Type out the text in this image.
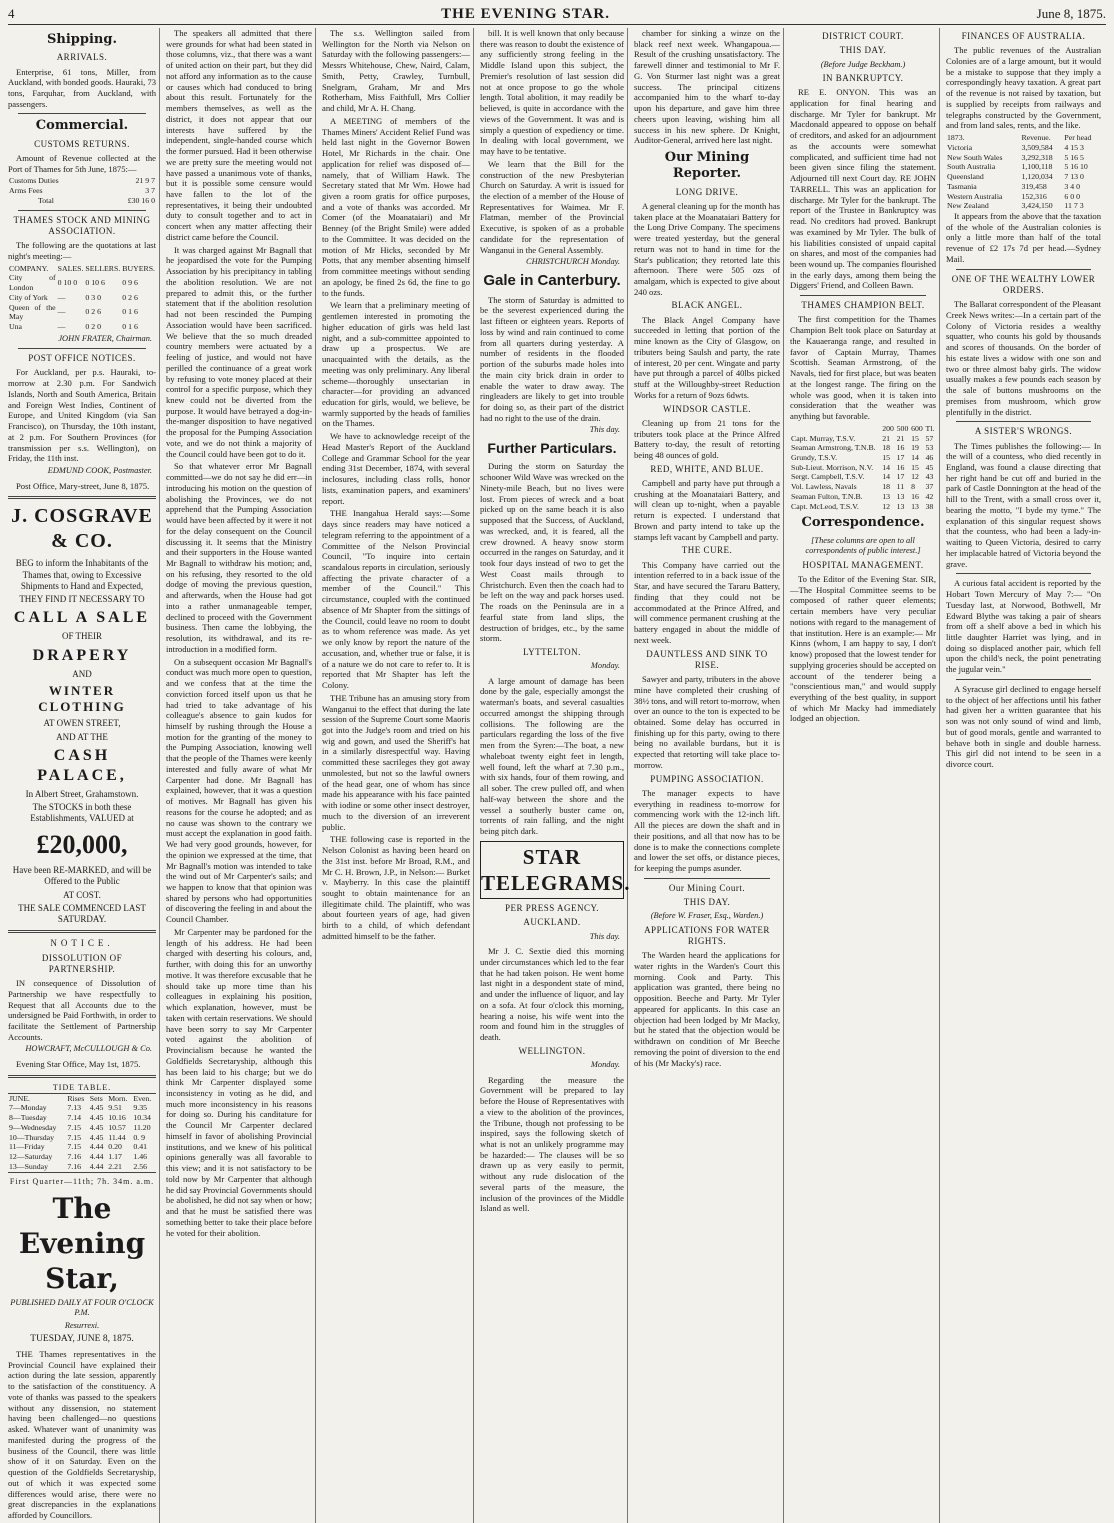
4	THE EVENING STAR.	June 8, 1875.
Shipping.
ARRIVALS.

Enterprise, 61 tons, Miller, from Auckland, with bonded goods. Hauraki, 73 tons, Farquhar, from Auckland, with passengers.

Commercial.
CUSTOMS RETURNS.

Amount of Revenue collected at the Port of Thames for 5th June, 1875:—

Customs Duties	21 9 7
Arms Fees	3 7
Total	£30 16 0
THAMES STOCK AND MINING ASSOCIATION.

The following are the quotations at last night's meeting:—

COMPANY.	SALES.	SELLERS.	BUYERS.
City of London	0 10 0	0 10 6	0 9 6
City of York	—	0 3 0	0 2 6
Queen of the May	—	0 2 6	0 1 6
Una	—	0 2 0	0 1 6
JOHN FRATER, Chairman.
POST OFFICE NOTICES.

For Auckland, per p.s. Hauraki, to-morrow at 2.30 p.m. For Sandwich Islands, North and South America, Britain and Foreign West Indies, Continent of Europe, and United Kingdom (via San Francisco), on Thursday, the 10th instant, at 2 p.m. For Southern Provinces (for transmission per s.s. Wellington), on Friday, the 11th inst.

EDMUND COOK, Postmaster.

Post Office, Mary-street, June 8, 1875.

J. COSGRAVE & CO.

BEG to inform the Inhabitants of the Thames that, owing to Excessive Shipments to Hand and Expected,

THEY FIND IT NECESSARY TO

CALL A SALE

OF THEIR

DRAPERY

AND

WINTER CLOTHING

AT OWEN STREET,

AND AT THE

CASH PALACE,

In Albert Street, Grahamstown.

The STOCKS in both these Establishments, VALUED at

£20,000,

Have been RE-MARKED, and will be Offered to the Public

AT COST.

THE SALE COMMENCED LAST SATURDAY.

NOTICE.
DISSOLUTION OF PARTNERSHIP.

IN consequence of Dissolution of Partnership we have respectfully to Request that all Accounts due to the undersigned be Paid Forthwith, in order to facilitate the Settlement of Partnership Accounts.

HOWCRAFT, McCULLOUGH & Co.

Evening Star Office, May 1st, 1875.

TIDE TABLE.
JUNE.	Rises	Sets	Morn.	Even.
7—Monday	7.13	4.45	9.51	9.35
8—Tuesday	7.14	4.45	10.16	10.34
9—Wednesday	7.15	4.45	10.57	11.20
10—Thursday	7.15	4.45	11.44	0. 9
11—Friday	7.15	4.44	0.20	0.41
12—Saturday	7.16	4.44	1.17	1.46
13—Sunday	7.16	4.44	2.21	2.56
First Quarter—11th; 7h. 34m. a.m.
The Evening Star,
PUBLISHED DAILY AT FOUR O'CLOCK P.M.
Resurrexi.
TUESDAY, JUNE 8, 1875.

THE Thames representatives in the Provincial Council have explained their action during the late session, apparently to the satisfaction of the constituency. A vote of thanks was passed to the speakers without any dissension, no statement having been challenged—no questions asked. Whatever want of unanimity was manifested during the progress of the business of the Council, there was little show of it on Saturday. Even on the question of the Goldfields Secretaryship, out of which it was expected some differences would arise, there were no great discrepancies in the explanations afforded by Councillors.

The speakers all admitted that there were grounds for what had been stated in those columns, viz., that there was a want of united action on their part, but they did not afford any information as to the cause or causes which had conduced to bring about this result. Fortunately for the members themselves, as well as the district, it does not appear that our interests have suffered by the independent, single-handed course which the former pursued. Had it been otherwise we are pretty sure the meeting would not have passed a unanimous vote of thanks, but it is possible some censure would have fallen to the lot of the representatives, it being their undoubted duty to consult together and to act in concert when any matter affecting their district came before the Council.

It was charged against Mr Bagnall that he jeopardised the vote for the Pumping Association by his precipitancy in tabling the abolition resolution. We are not prepared to admit this, or the further statement that if the abolition resolution had not been rescinded the Pumping Association would have been sacrificed. We believe that the so much dreaded country members were actuated by a feeling of justice, and would not have perilled the continuance of a great work by refusing to vote money placed at their control for a specific purpose, which they knew could not be diverted from the purpose. It would have betrayed a dog-in-the-manger disposition to have negatived the proposal for the Pumping Association vote, and we do not think a majority of the Council could have been got to do it.

So that whatever error Mr Bagnall committed—we do not say he did err—in introducing his motion on the question of abolishing the Provinces, we do not apprehend that the Pumping Association would have been affected by it were it not for the delay consequent on the Council discussing it. It seems that the Ministry and their supporters in the House wanted Mr Bagnall to withdraw his motion; and, on his refusing, they resorted to the old dodge of moving the previous question, and afterwards, when the House had got into a rather unmanageable temper, declined to proceed with the Government business. Then came the lobbying, the resolution, its withdrawal, and its re-introduction in a modified form.

On a subsequent occasion Mr Bagnall's conduct was much more open to question, and we confess that at the time the conviction forced itself upon us that he had tried to take advantage of his colleague's absence to gain kudos for himself by rushing through the House a motion for the granting of the money to the Pumping Association, knowing well that the people of the Thames were keenly interested and fully aware of what Mr Carpenter had done. Mr Bagnall has explained, however, that it was a question of motives. Mr Bagnall has given his reasons for the course he adopted; and as no cause was shown to the contrary we must accept the explanation in good faith. We had very good grounds, however, for the opinion we expressed at the time, that Mr Bagnall's motion was intended to take the wind out of Mr Carpenter's sails; and we happen to know that that opinion was shared by persons who had opportunities of discovering the feeling in and about the Council Chamber.

Mr Carpenter may be pardoned for the length of his address. He had been charged with deserting his colours, and, further, with doing this for an unworthy motive. It was therefore excusable that he should take up more time than his colleagues in explaining his position, which explanation, however, must be taken with certain reservations. We should have been sorry to say Mr Carpenter voted against the abolition of Provincialism because he wanted the Goldfields Secretaryship, although this has been laid to his charge; but we do think Mr Carpenter displayed some inconsistency in voting as he did, and much more inconsistency in his reasons for doing so. During his canditature for the Council Mr Carpenter declared himself in favor of abolishing Provincial institutions, and we knew of his political opinions generally was all favorable to this view; and it is not satisfactory to be told now by Mr Carpenter that although he did say Provincial Governments should be abolished, he did not say when or how; and that he must be satisfied there was something better to take their place before he voted for their abolition.

The s.s. Wellington sailed from Wellington for the North via Nelson on Saturday with the following passengers:— Messrs Whitehouse, Chew, Naird, Calam, Smith, Petty, Crawley, Turnbull, Snelgram, Graham, Mr and Mrs Rotherham, Miss Faithfull, Mrs Collier and child, Mr A. H. Chang.

A MEETING of members of the Thames Miners' Accident Relief Fund was held last night in the Governor Bowen Hotel, Mr Richards in the chair. One application for relief was disposed of—namely, that of William Hawk. The Secretary stated that Mr Wm. Howe had given a room gratis for office purposes, and a vote of thanks was accorded. Mr Comer (of the Moanataiari) and Mr Benney (of the Bright Smile) were added to the Committee. It was decided on the motion of Mr Hicks, seconded by Mr Potts, that any member absenting himself from committee meetings without sending an apology, be fined 2s 6d, the fine to go to the funds.

We learn that a preliminary meeting of gentlemen interested in promoting the higher education of girls was held last night, and a sub-committee appointed to draw up a prospectus. We are unacquainted with the details, as the meeting was only preliminary. Any liberal scheme—thoroughly unsectarian in character—for providing an advanced education for girls, would, we believe, be warmly supported by the heads of families on the Thames.

We have to acknowledge receipt of the Head Master's Report of the Auckland College and Grammar School for the year ending 31st December, 1874, with several inclosures, including class rolls, honor lists, examination papers, and examiners' report.

THE Inangahua Herald says:—Some days since readers may have noticed a telegram referring to the appointment of a Committee of the Nelson Provincial Council, "To inquire into certain scandalous reports in circulation, seriously affecting the private character of a member of the Council." This circumstance, coupled with the continued absence of Mr Shapter from the sittings of the Council, could leave no room to doubt as to whom reference was made. As yet we only know by report the nature of the accusation, and, whether true or false, it is of a nature we do not care to refer to. It is reported that Mr Shapter has left the Colony.

THE Tribune has an amusing story from Wanganui to the effect that during the late session of the Supreme Court some Maoris got into the Judge's room and tried on his wig and gown, and used the Sheriff's hat in a similarly disrespectful way. Having committed these sacrileges they got away unmolested, but not so the lawful owners of the head gear, one of whom has since made his appearance with his face painted with iodine or some other insect destroyer, much to the diversion of an irreverent public.

THE following case is reported in the Nelson Colonist as having been heard on the 31st inst. before Mr Broad, R.M., and Mr C. H. Brown, J.P., in Nelson:— Burket v. Mayberry. In this case the plaintiff sought to obtain maintenance for an illegitimate child. The plaintiff, who was about fourteen years of age, had given birth to a child, of which defendant admitted himself to be the father.

bill. It is well known that only because there was reason to doubt the existence of any sufficiently strong feeling in the Middle Island upon this subject, the Premier's resolution of last session did not at once propose to go the whole length. Total abolition, it may readily be believed, is quite in accordance with the views of the Government. It was and is simply a question of expediency or time. In dealing with local government, we may have to be tentative.

We learn that the Bill for the construction of the new Presbyterian Church on Saturday. A writ is issued for the election of a member of the House of Representatives for Waimea. Mr F. Flatman, member of the Provincial Executive, is spoken of as a probable candidate for the representation of Wanganui in the General Assembly.

CHRISTCHURCH Monday.
Gale in Canterbury.

The storm of Saturday is admitted to be the severest experienced during the last fifteen or eighteen years. Reports of loss by wind and rain continued to come from all quarters during yesterday. A number of residents in the flooded portion of the suburbs made holes into the main city brick drain in order to enable the water to draw away. The ringleaders are likely to get into trouble for doing so, as their part of the district had no right to the use of the drain.

This day.
Further Particulars.

During the storm on Saturday the schooner Wild Wave was wrecked on the Ninety-mile Beach, but no lives were lost. From pieces of wreck and a boat picked up on the same beach it is also supposed that the Success, of Auckland, was wrecked, and, it is feared, all the crew drowned. A heavy snow storm occurred in the ranges on Saturday, and it took four days instead of two to get the West Coast mails through to Christchurch. Even then the coach had to be left on the way and pack horses used. The roads on the Peninsula are in a fearful state from land slips, the destruction of bridges, etc., by the same storm.

LYTTELTON.
Monday.

A large amount of damage has been done by the gale, especially amongst the waterman's boats, and several casualties occurred amongst the shipping through collisions. The following are the particulars regarding the loss of the five men from the Syren:—The boat, a new whaleboat twenty eight feet in length, well found, left the wharf at 7.30 p.m., with six hands, four of them rowing, and all sober. The crew pulled off, and when half-way between the shore and the vessel a southerly buster came on, torrents of rain falling, and the night being pitch dark.

STAR TELEGRAMS.
PER PRESS AGENCY.
AUCKLAND.
This day.

Mr J. C. Sextie died this morning under circumstances which led to the fear that he had taken poison. He went home last night in a despondent state of mind, and under the influence of liquor, and lay on a sofa. At four o'clock this morning, hearing a noise, his wife went into the room and found him in the struggles of death.

WELLINGTON.
Monday.

Regarding the measure the Government will be prepared to lay before the House of Representatives with a view to the abolition of the provinces, the Tribune, though not professing to be inspired, says the following sketch of what is not an unlikely programme may be hazarded:— The clauses will be so drawn up as very easily to permit, without any rude dislocation of the several parts of the measure, the inclusion of the provinces of the Middle Island as well.

chamber for sinking a winze on the black reef next week. Whangapoua.—Result of the crushing unsatisfactory. The farewell dinner and testimonial to Mr F. G. Von Sturmer last night was a great success. The principal citizens accompanied him to the wharf to-day upon his departure, and gave him three cheers upon leaving, wishing him all success in his new sphere. Dr Knight, Auditor-General, arrived here last night.

Our Mining Reporter.
LONG DRIVE.

A general cleaning up for the month has taken place at the Moanataiari Battery for the Long Drive Company. The specimens were treated yesterday, but the general return was not to hand in time for the Star's publication; they retorted late this afternoon. There were 505 ozs of amalgam, which is expected to give about 240 ozs.

BLACK ANGEL.

The Black Angel Company have succeeded in letting that portion of the mine known as the City of Glasgow, on tributers being Saulsh and party, the rate of interest, 20 per cent. Wingate and party have put through a parcel of 40lbs picked stuff at the Willoughby-street Reduction Works for a return of 9ozs 6dwts.

WINDSOR CASTLE.

Cleaning up from 21 tons for the tributers took place at the Prince Alfred Battery to-day, the result of retorting being 48 ounces of gold.

RED, WHITE, AND BLUE.

Campbell and party have put through a crushing at the Moanataiari Battery, and will clean up to-night, when a payable return is expected. I understand that Brown and party intend to take up the stamps left vacant by Campbell and party.

THE CURE.

This Company have carried out the intention referred to in a back issue of the Star, and have secured the Tararu Battery, finding that they could not be accommodated at the Prince Alfred, and will commence permanent crushing at the battery engaged in about the middle of next week.

DAUNTLESS AND SINK TO RISE.

Sawyer and party, tributers in the above mine have completed their crushing of 38½ tons, and will retort to-morrow, when over an ounce to the ton is expected to be obtained. Some delay has occurred in finishing up for this party, owing to there being no available burdans, but it is expected that retorting will take place to-morrow.

PUMPING ASSOCIATION.

The manager expects to have everything in readiness to-morrow for commencing work with the 12-inch lift. All the pieces are down the shaft and in their positions, and all that now has to be done is to make the connections complete and lower the set offs, or distance pieces, for keeping the pumps asunder.

Our Mining Court.
THIS DAY.
(Before W. Fraser, Esq., Warden.)
APPLICATIONS FOR WATER RIGHTS.

The Warden heard the applications for water rights in the Warden's Court this morning. Cook and Party. This application was granted, there being no opposition. Beeche and Party. Mr Tyler appeared for applicants. In this case an objection had been lodged by Mr Macky, but he stated that the objection would be withdrawn on condition of Mr Beeche removing the point of diversion to the end of his (Mr Macky's) race.

DISTRICT COURT.
THIS DAY.
(Before Judge Beckham.)
IN BANKRUPTCY.

RE E. ONYON. This was an application for final hearing and discharge. Mr Tyler for bankrupt. Mr Macdonald appeared to oppose on behalf of creditors, and asked for an adjournment as the accounts were somewhat complicated, and sufficient time had not been given since filing the statement. Adjourned till next Court day. RE JOHN TARRELL. This was an application for discharge. Mr Tyler for the bankrupt. The report of the Trustee in Bankruptcy was read. No creditors had proved. Bankrupt was examined by Mr Tyler. The bulk of his liabilities consisted of unpaid capital on shares, and most of the companies had been wound up. The companies flourished in the early days, among them being the Diggers' Friend, and Colleen Bawn.

THAMES CHAMPION BELT.

The first competition for the Thames Champion Belt took place on Saturday at the Kauaeranga range, and resulted in favor of Captain Murray, Thames Scottish. Seaman Armstrong, of the Navals, tied for first place, but was beaten at the longest range. The firing on the whole was good, when it is taken into consideration that the weather was anything but favorable.

	200	500	600	Tl.
Capt. Murray, T.S.V.	21	21	15	57
Seaman Armstrong, T.N.B.	18	16	19	53
Grundy, T.S.V.	15	17	14	46
Sub-Lieut. Morrison, N.V.	14	16	15	45
Sergt. Campbell, T.S.V.	14	17	12	43
Vol. Lawless, Navals	18	11	8	37
Seaman Fulton, T.N.B.	13	13	16	42
Capt. McLeod, T.S.V.	12	13	13	38
Correspondence.
[These columns are open to all correspondents of public interest.]
HOSPITAL MANAGEMENT.

To the Editor of the Evening Star. SIR,—The Hospital Committee seems to be composed of rather queer elements; certain members have very peculiar notions with regard to the management of that institution. Here is an example:— Mr Kinns (whom, I am happy to say, I don't know) proposed that the lowest tender for supplying groceries should be accepted on account of the tenderer being a "conscientious man," and would supply everything of the best quality, in support of which Mr Macky had immediately lodged an objection.

FINANCES OF AUSTRALIA.

The public revenues of the Australian Colonies are of a large amount, but it would be a mistake to suppose that they imply a correspondingly heavy taxation. A great part of the revenue is not raised by taxation, but is supplied by receipts from railways and telegraphs constructed by the Government, and from land sales, rents, and the like.

1873.	Revenue.	Per head
Victoria	3,509,584	4 15 3
New South Wales	3,292,318	5 16 5
South Australia	1,100,118	5 16 10
Queensland	1,120,034	7 13 0
Tasmania	319,458	3 4 0
Western Australia	152,316	6 0 0
New Zealand	3,424,150	11 7 3

It appears from the above that the taxation of the whole of the Australian colonies is only a little more than half of the total revenue of £2 17s 7d per head.—Sydney Mail.

ONE OF THE WEALTHY LOWER ORDERS.

The Ballarat correspondent of the Pleasant Creek News writes:—In a certain part of the Colony of Victoria resides a wealthy squatter, who counts his gold by thousands and scores of thousands. On the border of his estate lives a widow with one son and two or three almost baby girls. The widow usually makes a few pounds each season by the sale of buttons mushrooms on the premises from mushroom, which grow plentifully in the district.

A SISTER'S WRONGS.

The Times publishes the following:— In the will of a countess, who died recently in England, was found a clause directing that her right hand be cut off and buried in the park of Castle Donnington at the head of the hill to the Trent, with a small cross over it, bearing the motto, "I byde my tyme." The explanation of this singular request shows that the countess, who had been a lady-in-waiting to Queen Victoria, desired to carry her implacable hatred of Victoria beyond the grave.

A curious fatal accident is reported by the Hobart Town Mercury of May 7:— "On Tuesday last, at Norwood, Bothwell, Mr Edward Blythe was taking a pair of shears from off a shelf above a bed in which his little daughter Harriet was lying, and in doing so displaced another pair, which fell upon the child's neck, the point penetrating the jugular vein."

A Syracuse girl declined to engage herself to the object of her affections until his father had given her a written guarantee that his son was not only sound of wind and limb, but of good morals, gentle and warranted to behave both in single and double harness. This girl did not intend to be seen in a divorce court.
